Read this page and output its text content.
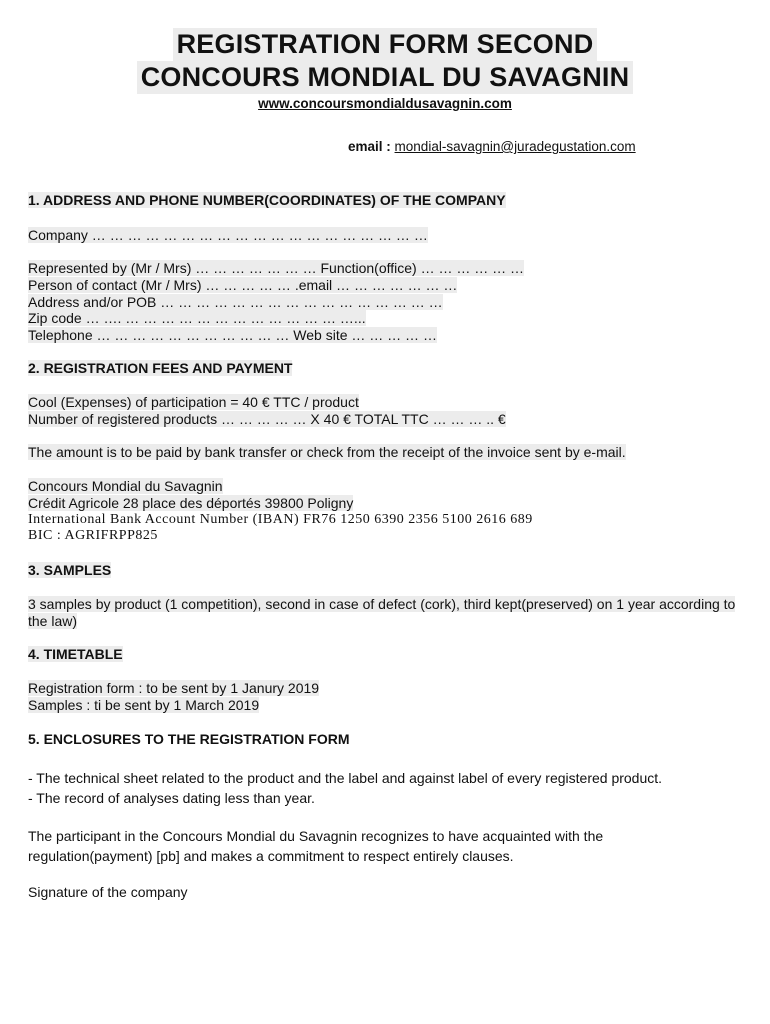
REGISTRATION FORM SECOND
CONCOURS MONDIAL DU SAVAGNIN
www.concoursmondialdusavagnin.com
email : mondial-savagnin@juradegustation.com
1. ADDRESS AND PHONE NUMBER(COORDINATES) OF THE COMPANY
Company … … … … … … … … … … … … … … … … … … …
Represented by (Mr / Mrs) … … … … … … … Function(office) … … … … … …
Person of contact (Mr / Mrs) … … … … … .email … … … … … … …
Address and/or POB … … … … … … … … … … … … … … … …
Zip code … …. … … … … … … … … … … … … …...
Telephone … … … … … … … … … … … Web site … … … … …
2. REGISTRATION FEES AND PAYMENT
Cool (Expenses) of participation = 40 € TTC / product
Number of registered products … … … … … X 40 € TOTAL TTC … … … .. €
The amount is to be paid by bank transfer or check from the receipt of the invoice sent by e-mail.
Concours Mondial du Savagnin
Crédit Agricole 28 place des déportés 39800 Poligny
International Bank Account Number (IBAN) FR76 1250 6390 2356 5100 2616 689
BIC : AGRIFRPP825
3. SAMPLES
3 samples by product (1 competition), second in case of defect (cork), third kept(preserved) on 1 year according to the law)
4. TIMETABLE
Registration form : to be sent by 1 Janury 2019
Samples : ti be sent by 1 March 2019
5. ENCLOSURES TO THE REGISTRATION FORM
- The technical sheet related to the product and the label and against label of every registered product.
- The record of analyses dating less than year.
The participant in the Concours Mondial du Savagnin recognizes to have acquainted with the regulation(payment) [pb] and makes a commitment to respect entirely clauses.
Signature of the company
